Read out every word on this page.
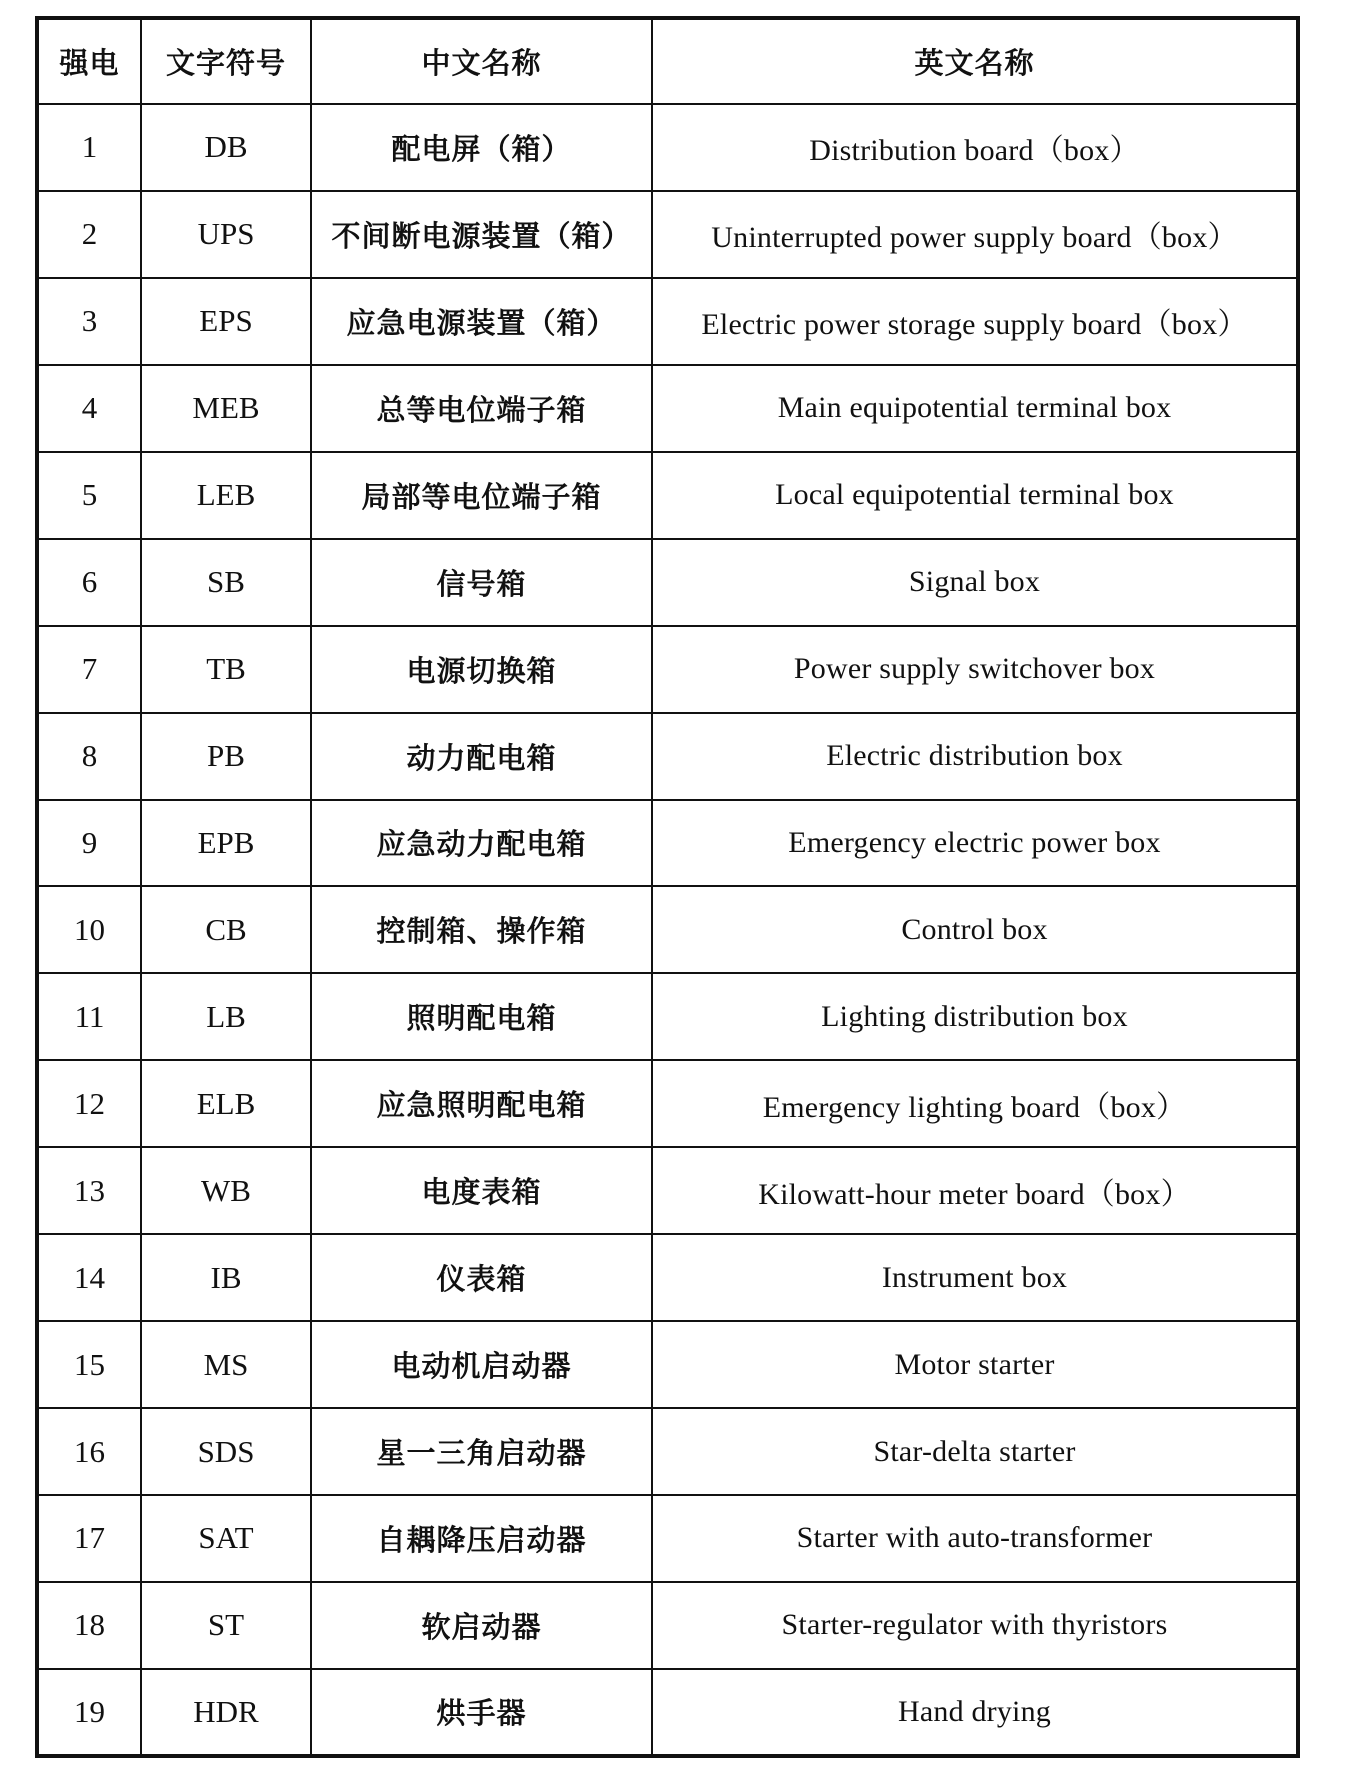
强电	文字符号	中文名称	英文名称
1	DB	配电屏（箱）	Distribution board（box）
2	UPS	不间断电源装置（箱）	Uninterrupted power supply board（box）
3	EPS	应急电源装置（箱）	Electric power storage supply board（box）
4	MEB	总等电位端子箱	Main equipotential terminal box
5	LEB	局部等电位端子箱	Local equipotential terminal box
6	SB	信号箱	Signal box
7	TB	电源切换箱	Power supply switchover box
8	PB	动力配电箱	Electric distribution box
9	EPB	应急动力配电箱	Emergency electric power box
10	CB	控制箱、操作箱	Control box
11	LB	照明配电箱	Lighting distribution box
12	ELB	应急照明配电箱	Emergency lighting board（box）
13	WB	电度表箱	Kilowatt-hour meter board（box）
14	IB	仪表箱	Instrument box
15	MS	电动机启动器	Motor starter
16	SDS	星一三角启动器	Star-delta starter
17	SAT	自耦降压启动器	Starter with auto-transformer
18	ST	软启动器	Starter-regulator with thyristors
19	HDR	烘手器	Hand drying
